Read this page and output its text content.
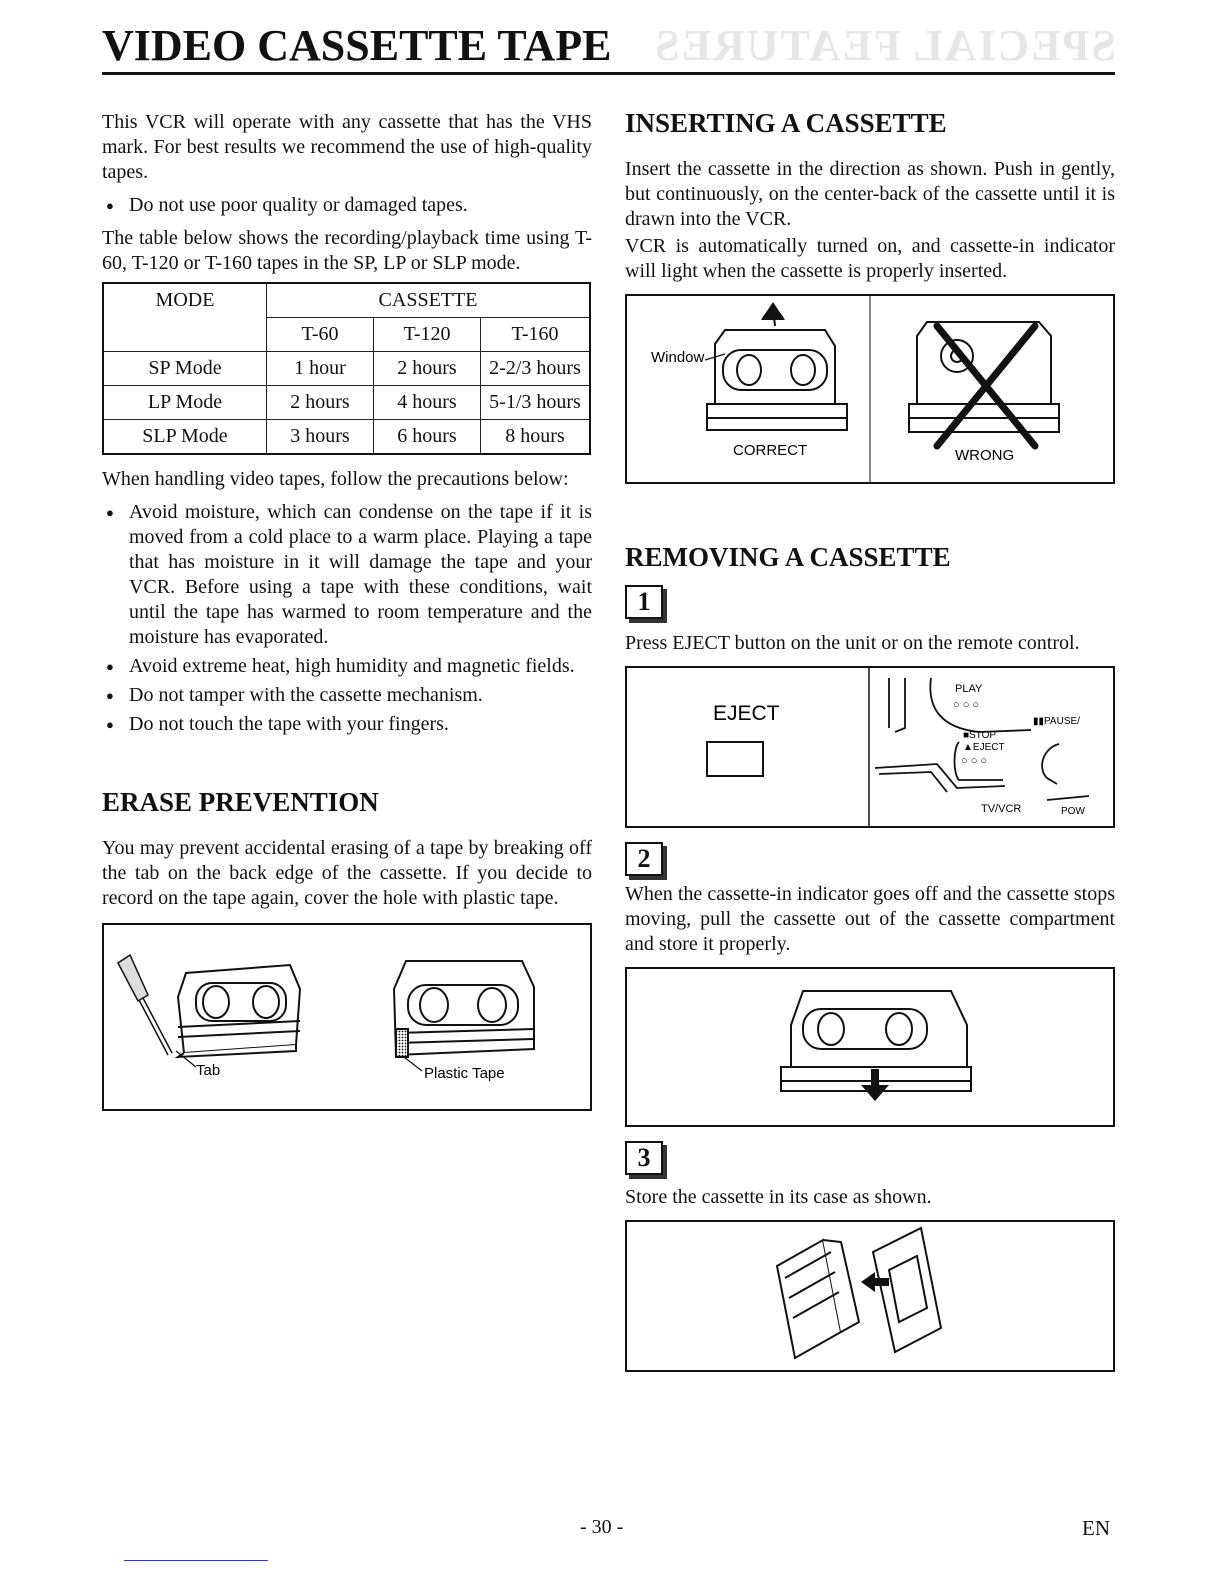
SPECIAL FEATURES
VIDEO CASSETTE TAPE

This VCR will operate with any cassette that has the VHS mark. For best results we recommend the use of high-quality tapes.

● Do not use poor quality or damaged tapes.

The table below shows the recording/playback time using T-60, T-120 or T-160 tapes in the SP, LP or SLP mode.

MODE	CASSETTE		
	T-60	T-120	T-160
SP Mode	1 hour	2 hours	2-2/3 hours
LP Mode	2 hours	4 hours	5-1/3 hours
SLP Mode	3 hours	6 hours	8 hours

When handling video tapes, follow the precautions below:

● Avoid moisture, which can condense on the tape if it is moved from a cold place to a warm place. Playing a tape that has moisture in it will damage the tape and your VCR. Before using a tape with these conditions, wait until the tape has warmed to room temperature and the moisture has evaporated.
● Avoid extreme heat, high humidity and magnetic fields.
● Do not tamper with the cassette mechanism.
● Do not touch the tape with your fingers.
ERASE PREVENTION

You may prevent accidental erasing of a tape by breaking off the tab on the back edge of the cassette. If you decide to record on the tape again, cover the hole with plastic tape.

Tab	Plastic Tape
INSERTING A CASSETTE

Insert the cassette in the direction as shown. Push in gently, but continuously, on the center-back of the cassette until it is drawn into the VCR.

VCR is automatically turned on, and cassette-in indicator will light when the cassette is properly inserted.

Window
CORRECT	WRONG
REMOVING A CASSETTE
1

Press EJECT button on the unit or on the remote control.

EJECT
PLAY
○ ○ ○
▮▮PAUSE/
■STOP
▲EJECT
○ ○ ○
TV/VCR	POW
2

When the cassette-in indicator goes off and the cassette stops moving, pull the cassette out of the cassette compartment and store it properly.

3

Store the cassette in its case as shown.

- 30 -	EN
